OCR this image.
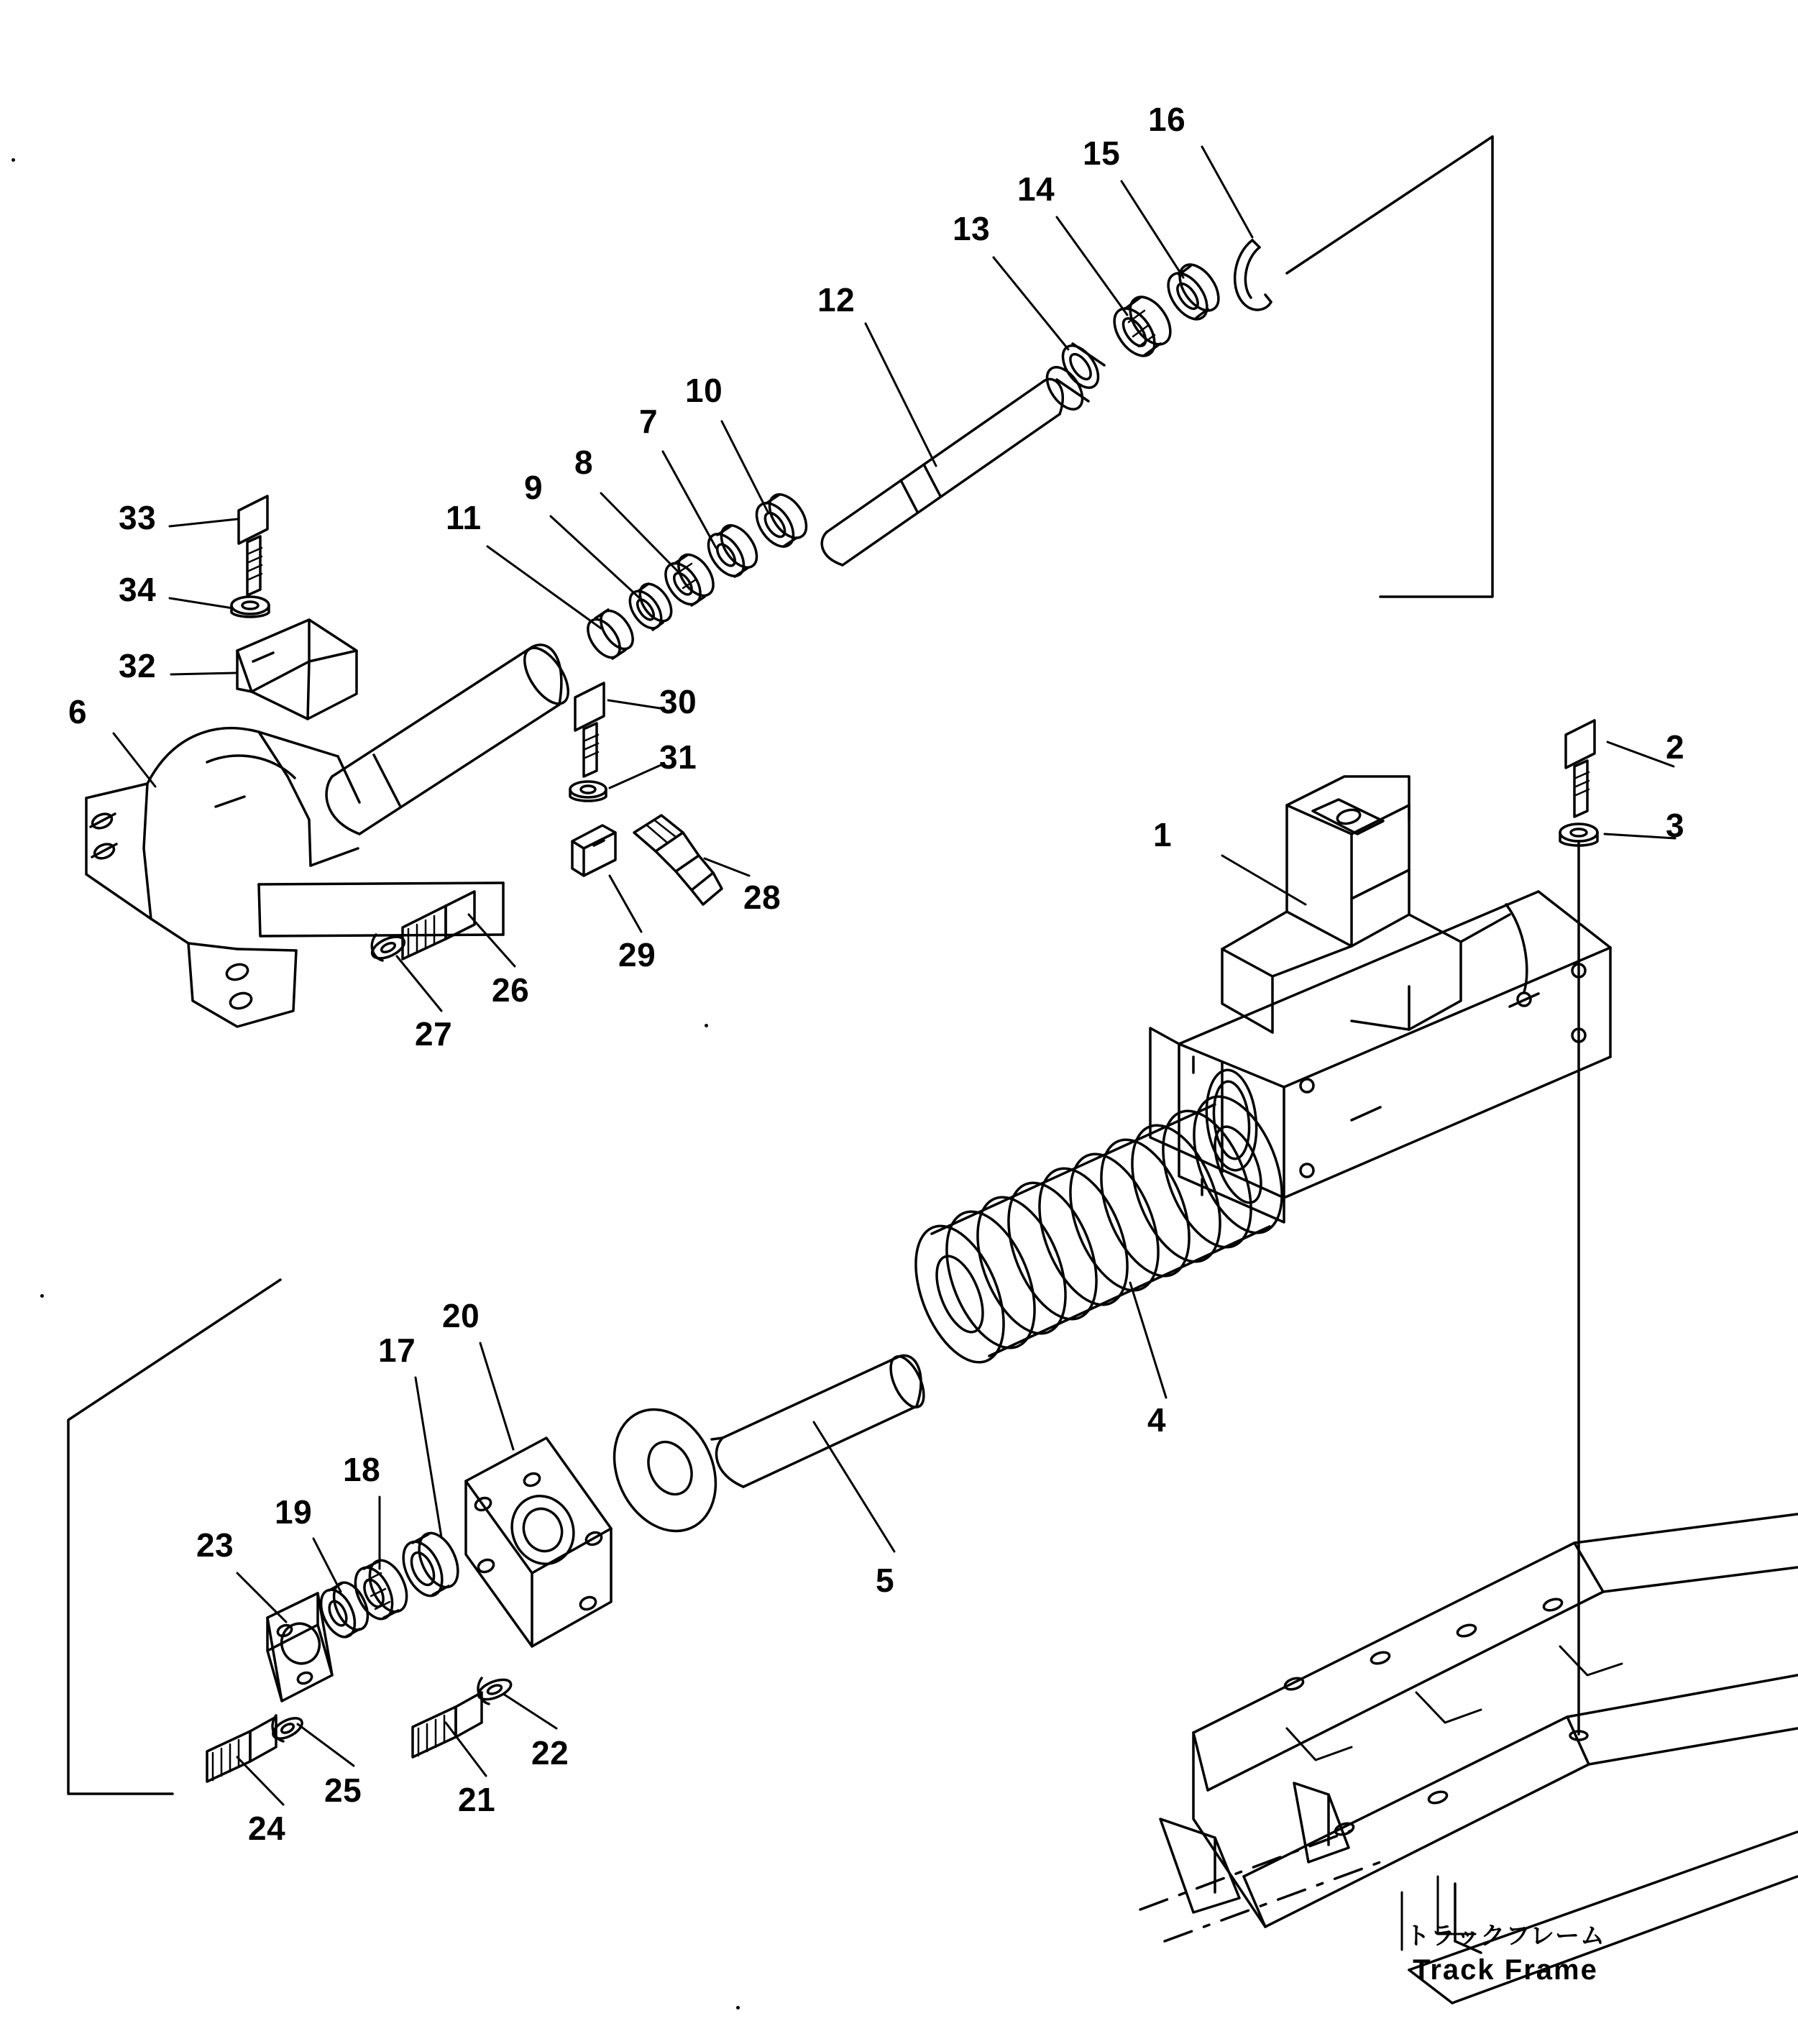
1
2
3
4
5
6
7
8
9
10
11
12
13
14
15
16
17
18
19
20
21
22
23
24
25
26
27
28
29
30
31
32
33
34
トラックフレーム
Track Frame
